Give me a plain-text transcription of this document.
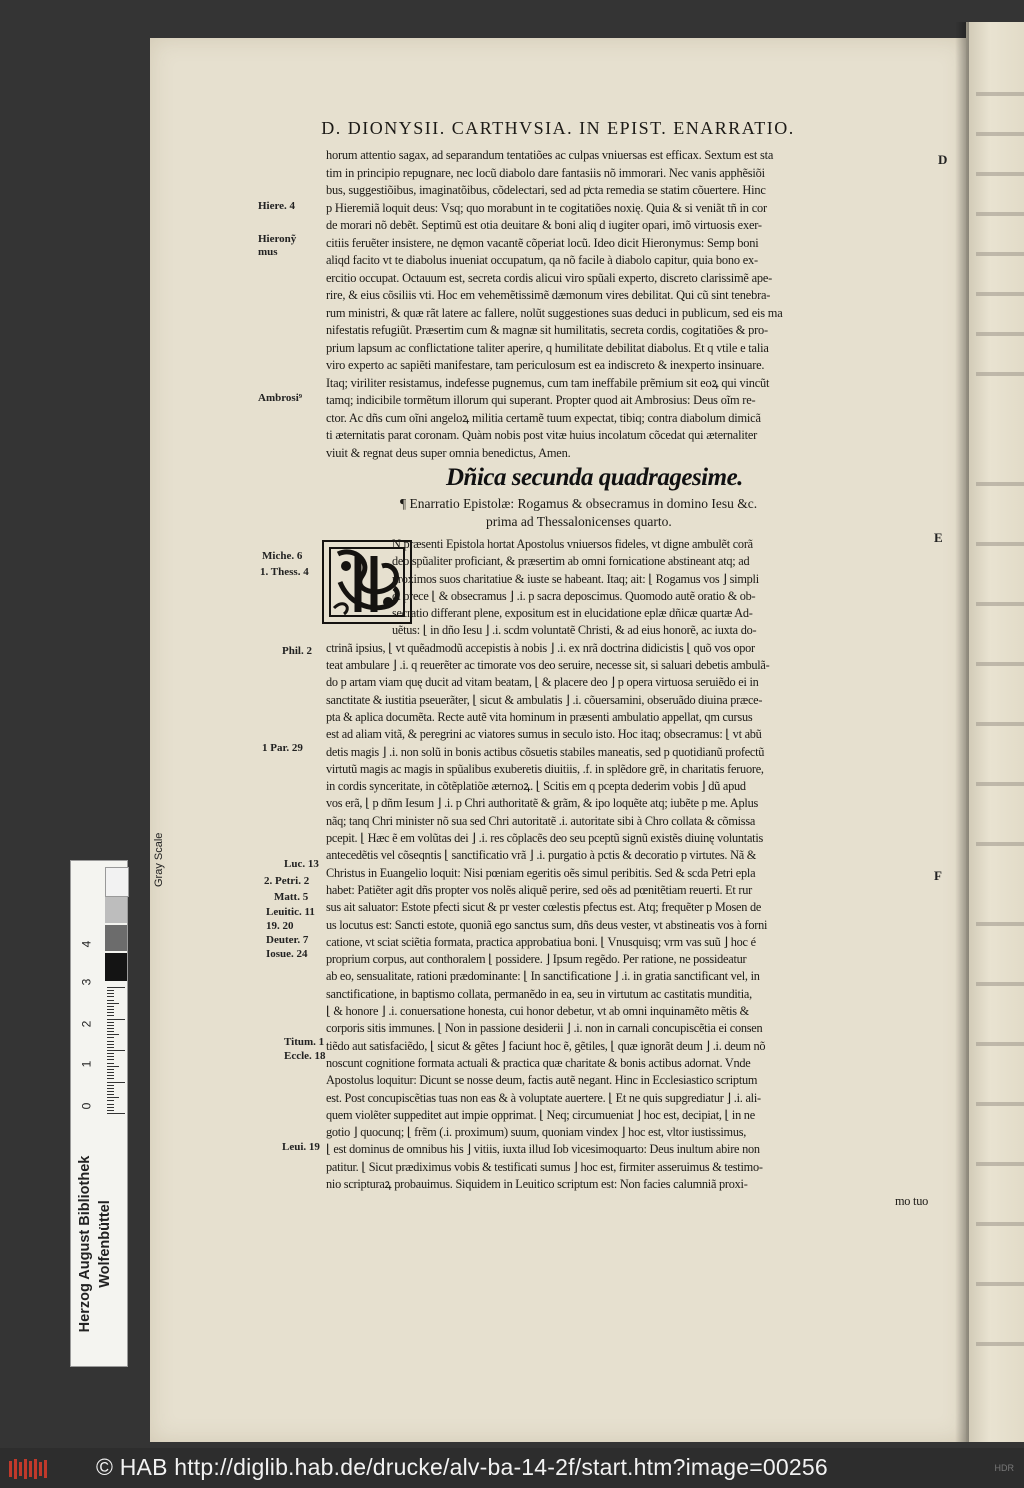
D. DIONYSII. CARTHVSIA. IN EPIST. ENARRATIO.
horum attentio sagax, ad separandum tentatiões ac culpas vniuersas est efficax. Sextum est sta
tim in principio repugnare, nec locũ diabolo dare fantasiis nõ immorari. Nec vanis apphẽsiõi
bus, suggestiõibus, imaginatõibus, cõdelectari, sed ad pͥcta remedia se statim cõuertere. Hinc
p Hieremiã loquit deus: Vsq; quo morabunt in te cogitatiões noxię. Quia & si veniãt tñ in cor
de morari nõ debẽt. Septimũ est otia deuitare & boni aliq d iugiter opari, imõ virtuosis exer-
citiis feruẽter insistere, ne dęmon vacantẽ cõperiat locũ. Ideo dicit Hieronymus: Semp boni
aliqd facito vt te diabolus inueniat occupatum, qa nõ facile à diabolo capitur, quia bono ex-
ercitio occupat. Octauum est, secreta cordis alicui viro spũali experto, discreto clarissimẽ ape-
rire, & eius cõsiliis vti. Hoc em vehemẽtissimẽ dæmonum vires debilitat. Qui cũ sint tenebra-
rum ministri, & quæ rãt latere ac fallere, nolũt suggestiones suas deduci in publicum, sed eis ma
nifestatis refugiũt. Præsertim cum & magnæ sit humilitatis, secreta cordis, cogitatiões & pro-
prium lapsum ac conflictatione taliter aperire, q humilitate debilitat diabolus. Et q vtile e talia
viro experto ac sapiẽti manifestare, tam periculosum est ea indiscreto & inexperto insinuare.
Itaq; viriliter resistamus, indefesse pugnemus, cum tam ineffabile prẽmium sit eoꝝ qui vincũt
tamq; indicibile tormẽtum illorum qui superant. Propter quod ait Ambrosius: Deus oĩm re-
ctor. Ac dñs cum oĩni angeloꝝ militia certamẽ tuum expectat, tibiq; contra diabolum dimicã
ti æternitatis parat coronam. Quàm nobis post vitæ huius incolatum cõcedat qui æternaliter
viuit & regnat deus super omnia benedictus, Amen.
Dñica secunda quadragesime.
¶ Enarratio Epistolæ: Rogamus & obsecramus in domino Iesu &c.
prima ad Thessalonicenses quarto.
N præsenti Epistola hortat Apostolus vniuersos fideles, vt digne ambulẽt corã
deo spũaliter proficiant, & præsertim ab omni fornicatione abstineant atq; ad
proximos suos charitatiue & iuste se habeant. Itaq; ait: ⌊ Rogamus vos ⌋ simpli
ci prece ⌊ & obsecramus ⌋ .i. p sacra deposcimus. Quomodo autẽ oratio & ob-
secratio differant plene, expositum est in elucidatione eplæ dñicæ quartæ Ad-
uẽtus: ⌊ in dño Iesu ⌋ .i. scdm voluntatẽ Christi, & ad eius honorẽ, ac iuxta do-
ctrinã ipsius, ⌊ vt quẽadmodũ accepistis à nobis ⌋ .i. ex nrã doctrina didicistis ⌊ quõ vos opor
teat ambulare ⌋ .i. q reuerẽter ac timorate vos deo seruire, necesse sit, si saluari debetis ambulã-
do p artam viam quę ducit ad vitam beatam, ⌊ & placere deo ⌋ p opera virtuosa seruiẽdo ei in
sanctitate & iustitia pseuerãter, ⌊ sicut & ambulatis ⌋ .i. cõuersamini, obseruãdo diuina præce-
pta & aplica documẽta. Recte autẽ vita hominum in præsenti ambulatio appellat, qm cursus
est ad aliam vitã, & peregrini ac viatores sumus in seculo isto. Hoc itaq; obsecramus: ⌊ vt abũ
detis magis ⌋ .i. non solũ in bonis actibus cõsuetis stabiles maneatis, sed p quotidianũ profectũ
virtutũ magis ac magis in spũalibus exuberetis diuitiis, .f. in splẽdore grẽ, in charitatis feruore,
in cordis synceritate, in cõtẽplatiõe æternoꝝ. ⌊ Scitis em q pcepta dederim vobis ⌋ dũ apud
vos erã, ⌊ p dñm Iesum ⌋ .i. p Chri authoritatẽ & grãm, & ipo loquẽte atq; iubẽte p me. Aplus
nãq; tanq Chri minister nõ sua sed Chri autoritatẽ .i. autoritate sibi à Chro collata & cõmissa
pcepit. ⌊ Hæc ẽ em volũtas dei ⌋ .i. res cõplacẽs deo seu pceptũ signũ existẽs diuinę voluntatis
antecedẽtis vel cõseqntis ⌊ sanctificatio vrã ⌋ .i. purgatio à pctis & decoratio p virtutes. Nã &
Christus in Euangelio loquit: Nisi pœniam egeritis oẽs simul peribitis. Sed & scda Petri epla
habet: Patiẽter agit dñs propter vos nolẽs aliquẽ perire, sed oẽs ad pœnitẽtiam reuerti. Et rur
sus ait saluator: Estote pfecti sicut & pr vester cœlestis pfectus est. Atq; frequẽter p Mosen de
us locutus est: Sancti estote, quoniã ego sanctus sum, dñs deus vester, vt abstineatis vos à forni
catione, vt sciat sciẽtia formata, practica approbatiua boni. ⌊ Vnusquisq; vrm vas suũ ⌋ hoc é
proprium corpus, aut conthoralem ⌊ possidere. ⌋ Ipsum regẽdo. Per ratione, ne possideatur
ab eo, sensualitate, rationi prædominante: ⌊ In sanctificatione ⌋ .i. in gratia sanctificant vel, in
sanctificatione, in baptismo collata, permanẽdo in ea, seu in virtutum ac castitatis munditia,
⌊ & honore ⌋ .i. conuersatione honesta, cui honor debetur, vt ab omni inquinamẽto mẽtis &
corporis sitis immunes. ⌊ Non in passione desiderii ⌋ .i. non in carnali concupiscẽtia ei consen
tiẽdo aut satisfaciẽdo, ⌊ sicut & gẽtes ⌋ faciunt hoc ẽ, gẽtiles, ⌊ quæ ignorãt deum ⌋ .i. deum nõ
noscunt cognitione formata actuali & practica quæ charitate & bonis actibus adornat. Vnde
Apostolus loquitur: Dicunt se nosse deum, factis autẽ negant. Hinc in Ecclesiastico scriptum
est. Post concupiscẽtias tuas non eas & à voluptate auertere. ⌊ Et ne quis supgrediatur ⌋ .i. ali-
quem violẽter suppeditet aut impie opprimat. ⌊ Neq; circumueniat ⌋ hoc est, decipiat, ⌊ in ne
gotio ⌋ quocunq; ⌊ frẽm (.i. proximum) suum, quoniam vindex ⌋ hoc est, vltor iustissimus,
⌊ est dominus de omnibus his ⌋ vitiis, iuxta illud Iob vicesimoquarto: Deus inultum abire non
patitur. ⌊ Sicut prædiximus vobis & testificati sumus ⌋ hoc est, firmiter asseruimus & testimo-
nio scripturaꝝ probauimus. Siquidem in Leuitico scriptum est: Non facies calumniã proxi-
mo tuo
Hiere. 4
Hieronỹ mus
Ambrosi⁹
Miche. 6
1. Thess. 4
Phil. 2
1 Par. 29
Luc. 13
2. Petri. 2
Matt. 5
Leuitic. 11
19. 20
Deuter. 7
Iosue. 24
Titum. 1
Eccle. 18
Leui. 19
D
E
F
Gray Scale
0
1
2
3
4
Herzog August Bibliothek Wolfenbüttel
© HAB http://diglib.hab.de/drucke/alv-ba-14-2f/start.htm?image=00256	HDR
